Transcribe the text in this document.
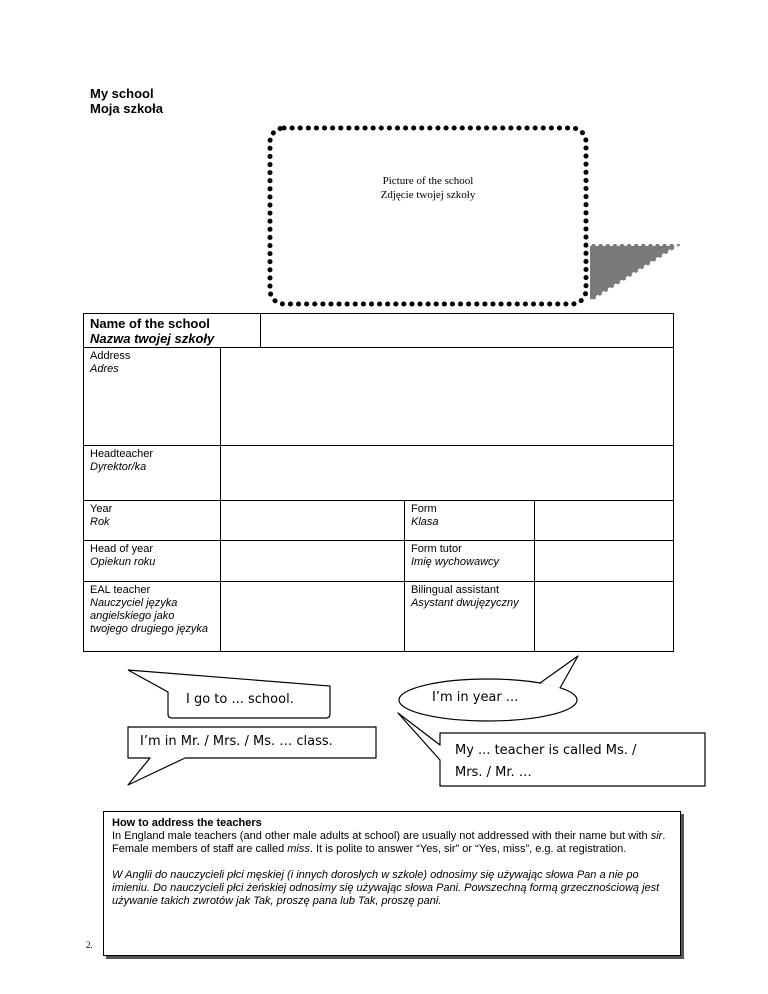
My school
Moja szkoła
Picture of the school
Zdjęcie twojej szkoły
Name of the school
Nazwa twojej szkoły				

Address
Adres				

Headteacher
Dyrektor/ka				

Year
Rok			Form
Klasa	

Head of year
Opiekun roku			Form tutor
Imię wychowawcy	

EAL teacher
Nauczyciel języka angielskiego jako twojego drugiego języka			Bilingual assistant
Asystant dwujęzyczny	

I go to ... school.	I’m in year ...
I’m in Mr. / Mrs. / Ms. … class.
My ... teacher is called Ms. /
Mrs. / Mr. …

How to address the teachers

In England male teachers (and other male adults at school) are usually not addressed with their name but with sir. Female members of staff are called miss. It is polite to answer “Yes, sir” or “Yes, miss”, e.g. at registration.

W Anglii do nauczycieli płci męskiej (i innych dorosłych w szkole) odnosimy się używając słowa Pan a nie po imieniu. Do nauczycieli płci żeńskiej odnosimy się używając słowa Pani. Powszechną formą grzecznościową jest używanie takich zwrotów jak Tak, proszę pana lub Tak, proszę pani.

2.
